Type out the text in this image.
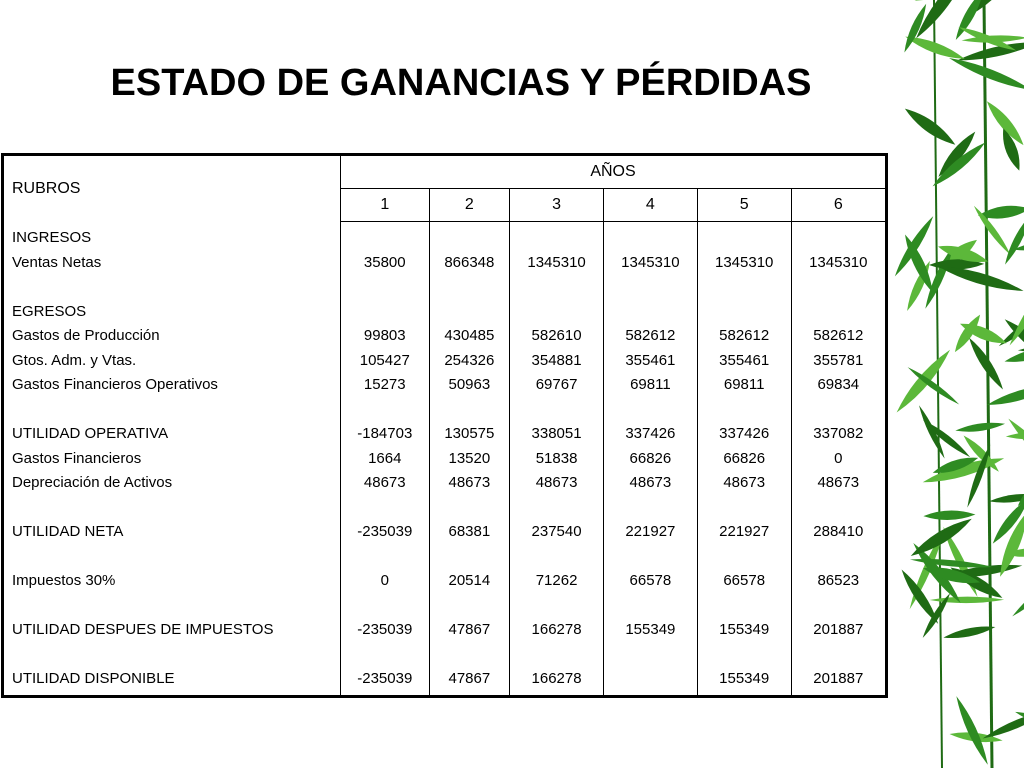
ESTADO DE GANANCIAS Y PÉRDIDAS
RUBROS	AÑOS					
	1	2	3	4	5	6
INGRESOS						
Ventas Netas	35800	866348	1345310	1345310	1345310	1345310

EGRESOS						
Gastos de Producción	99803	430485	582610	582612	582612	582612
Gtos. Adm. y Vtas.	105427	254326	354881	355461	355461	355781
Gastos Financieros Operativos	15273	50963	69767	69811	69811	69834

UTILIDAD OPERATIVA	-184703	130575	338051	337426	337426	337082
Gastos Financieros	1664	13520	51838	66826	66826	0
Depreciación de Activos	48673	48673	48673	48673	48673	48673

UTILIDAD NETA	-235039	68381	237540	221927	221927	288410

Impuestos 30%	0	20514	71262	66578	66578	86523

UTILIDAD DESPUES DE IMPUESTOS	-235039	47867	166278	155349	155349	201887

UTILIDAD DISPONIBLE	-235039	47867	166278		155349	201887
